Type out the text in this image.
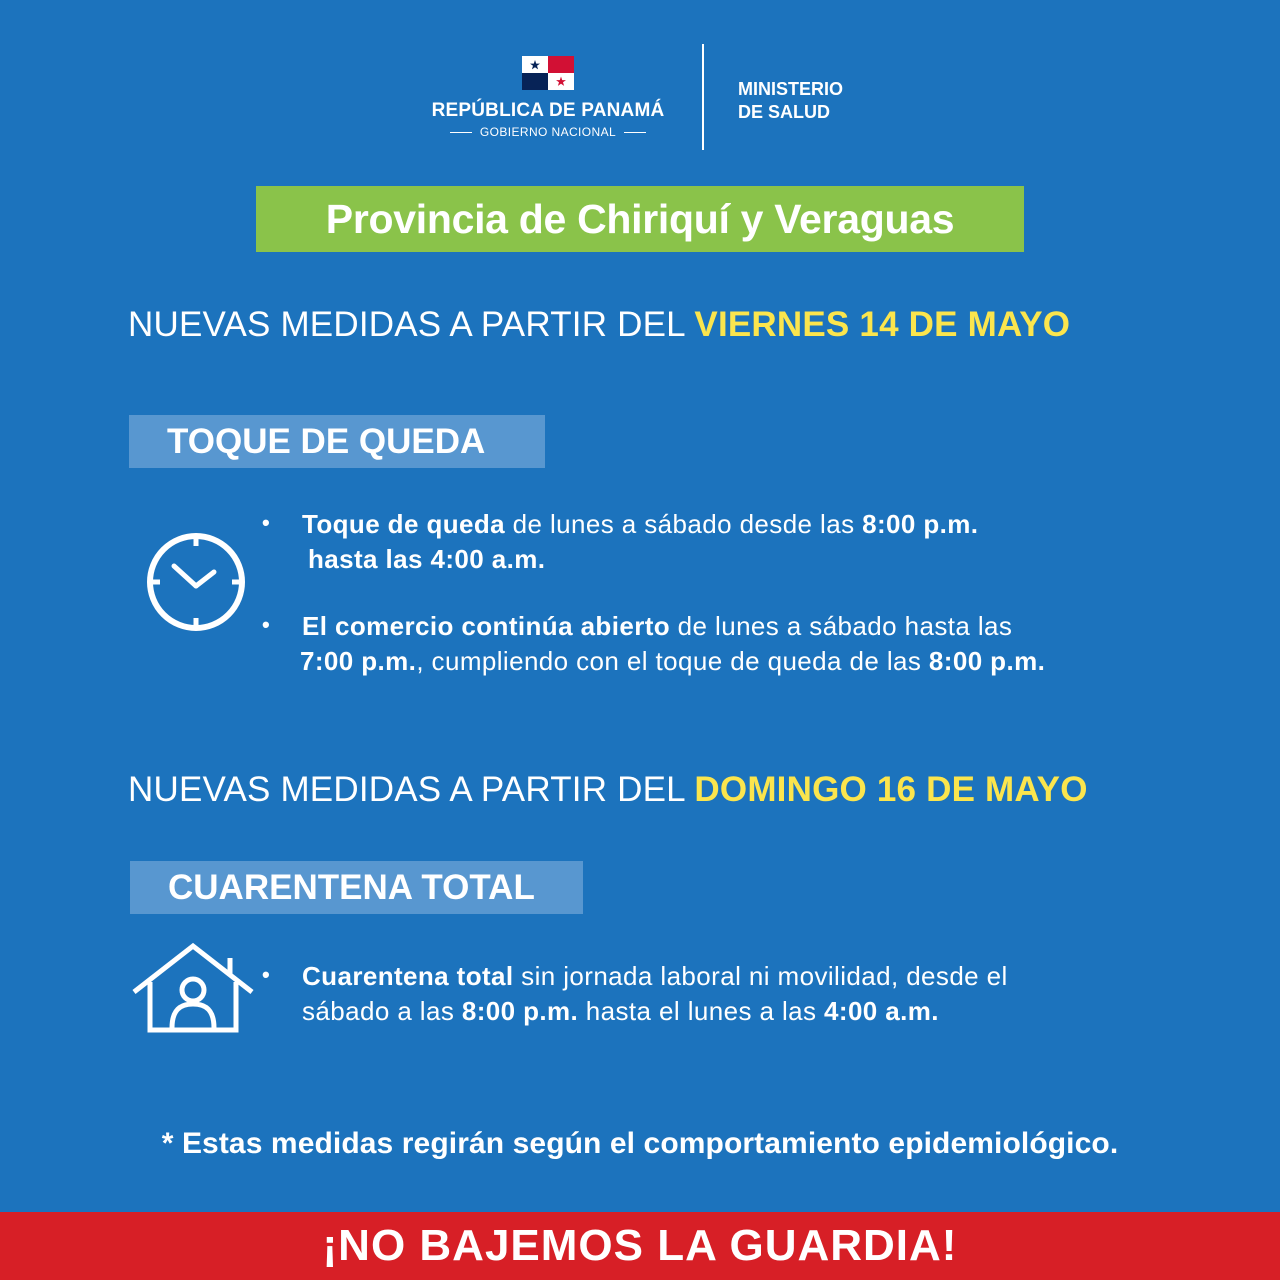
REPÚBLICA DE PANAMÁ
GOBIERNO NACIONAL
MINISTERIO
DE SALUD
Provincia de Chiriquí y Veraguas
NUEVAS MEDIDAS A PARTIR DEL VIERNES 14 DE MAYO
TOQUE DE QUEDA
• Toque de queda de lunes a sábado desde las 8:00 p.m.
hasta las 4:00 a.m.
• El comercio continúa abierto de lunes a sábado hasta las
7:00 p.m., cumpliendo con el toque de queda de las 8:00 p.m.
NUEVAS MEDIDAS A PARTIR DEL DOMINGO 16 DE MAYO
CUARENTENA TOTAL
• Cuarentena total sin jornada laboral ni movilidad, desde el
sábado a las 8:00 p.m. hasta el lunes a las 4:00 a.m.
* Estas medidas regirán según el comportamiento epidemiológico.
¡NO BAJEMOS LA GUARDIA!
